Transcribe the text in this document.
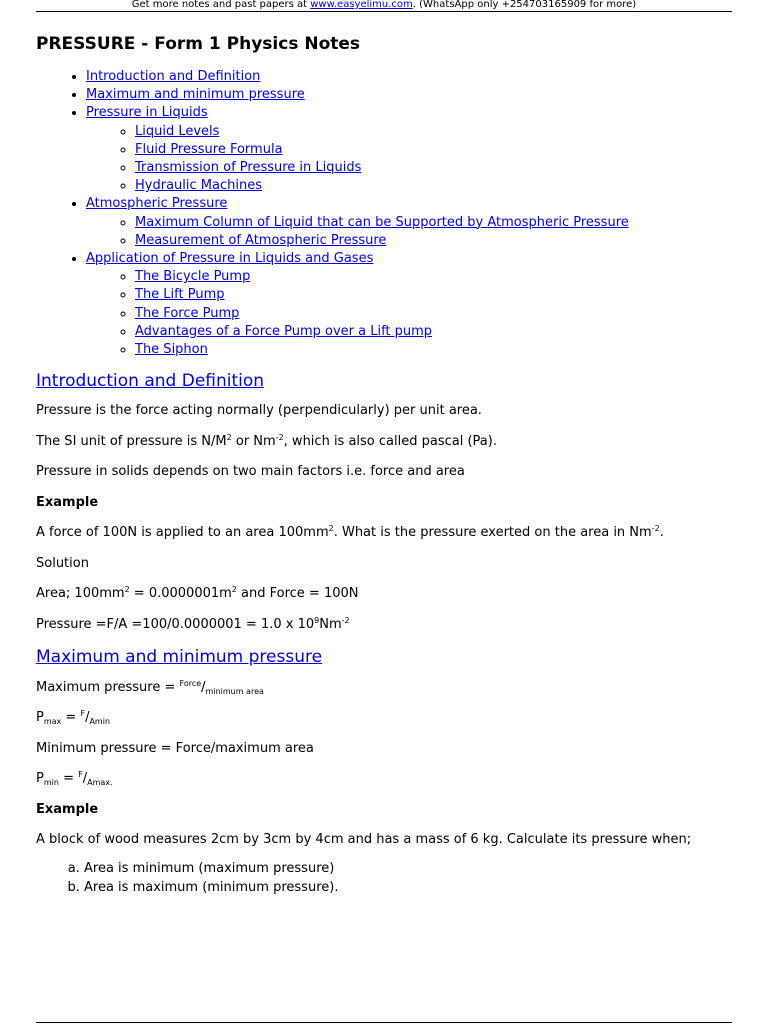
Get more notes and past papers at www.easyelimu.com. (WhatsApp only +254703165909 for more)
PRESSURE - Form 1 Physics Notes
• Introduction and Definition
• Maximum and minimum pressure
• Pressure in Liquids
◦ Liquid Levels
◦ Fluid Pressure Formula
◦ Transmission of Pressure in Liquids
◦ Hydraulic Machines
• Atmospheric Pressure
◦ Maximum Column of Liquid that can be Supported by Atmospheric Pressure
◦ Measurement of Atmospheric Pressure
• Application of Pressure in Liquids and Gases
◦ The Bicycle Pump
◦ The Lift Pump
◦ The Force Pump
◦ Advantages of a Force Pump over a Lift pump
◦ The Siphon
Introduction and Definition

Pressure is the force acting normally (perpendicularly) per unit area.

The SI unit of pressure is $N/M^2$ or $Nm^{-2}$, which is also called pascal (Pa).

Pressure in solids depends on two main factors i.e. force and area

Example

A force of 100N is applied to an area $100mm^2$. What is the pressure exerted on the area in $Nm^{-2}$.

Solution

Area; $100mm^2 = 0.0000001m^2$ and Force = 100N

Pressure =F/A =100/0.0000001 = 1.0 x $10^9Nm^{-2}$

Maximum and minimum pressure

Maximum pressure = $^{Force}/_{minimum area}$

$P_{max} = ^F/_{Amin}$

Minimum pressure = Force/maximum area

$P_{min} = ^F/_{Amax.}$

Example

A block of wood measures 2cm by 3cm by 4cm and has a mass of 6 kg. Calculate its pressure when;

a. Area is minimum (maximum pressure)
b. Area is maximum (minimum pressure).
